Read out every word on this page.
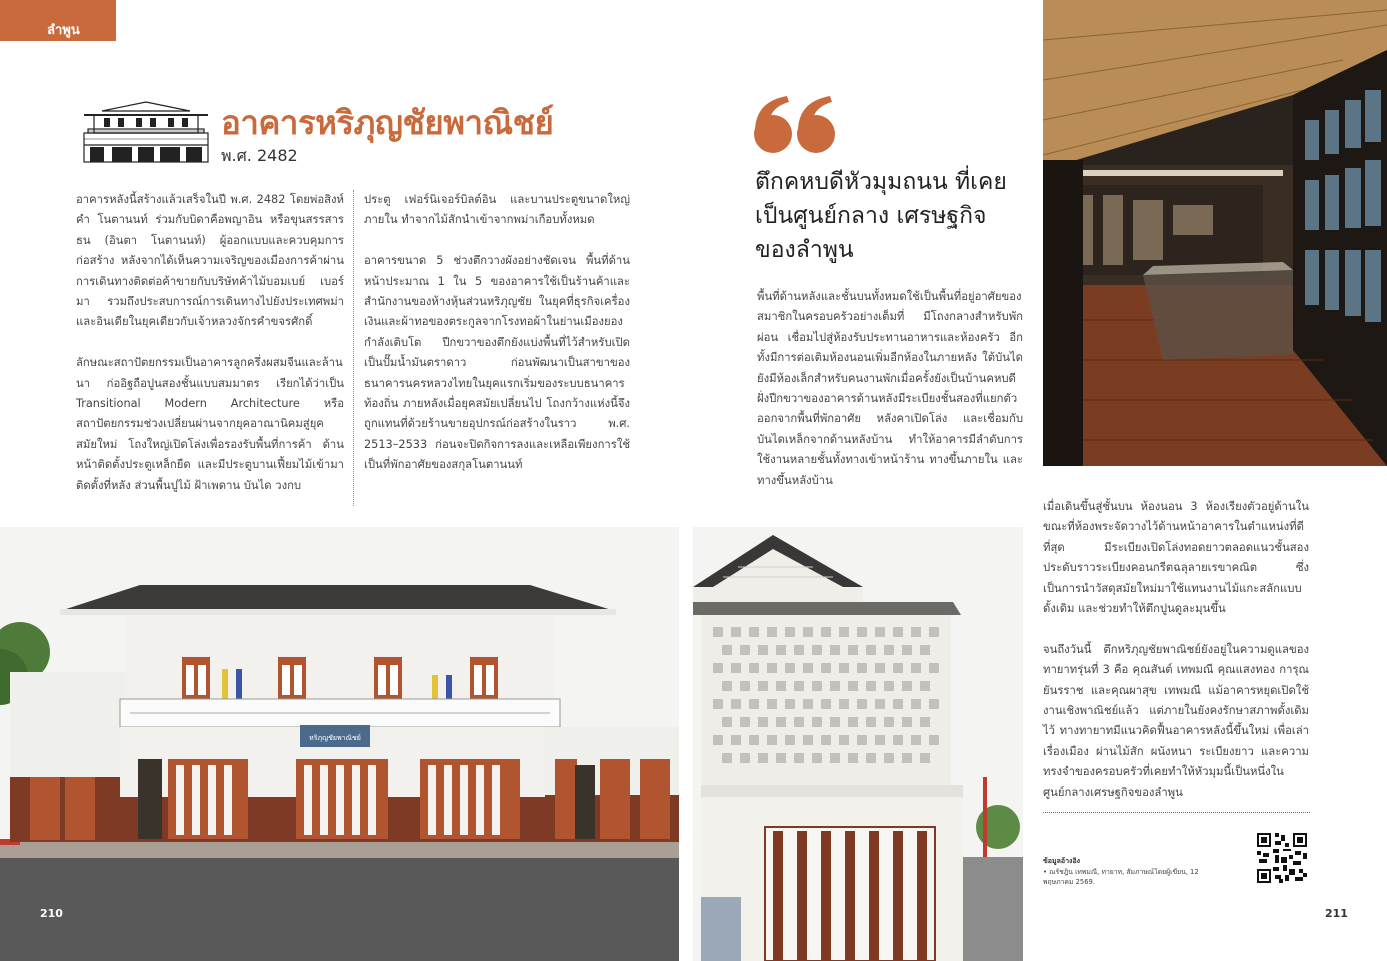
ลำพูน
อาคารหริภุญชัยพาณิชย์
พ.ศ. 2482

อาคารหลังนี้สร้างแล้วเสร็จในปี พ.ศ. 2482 โดยพ่อสิงห์คำ โนตานนท์ ร่วมกับบิดาคือพญาอิน หรือขุนสรรสารธน (อินตา โนตานนท์) ผู้ออกแบบและควบคุมการก่อสร้าง หลังจากได้เห็นความเจริญของเมืองการค้าผ่านการเดินทางติดต่อค้าขายกับบริษัทค้าไม้บอมเบย์ เบอร์มา รวมถึงประสบการณ์การเดินทางไปยังประเทศพม่าและอินเดียในยุคเดียวกับเจ้าหลวงจักรคำขจรศักดิ์

ลักษณะสถาปัตยกรรมเป็นอาคารลูกครึ่งผสมจีนและล้านนา ก่ออิฐถือปูนสองชั้นแบบสมมาตร เรียกได้ว่าเป็น Transitional Modern Architecture หรือสถาปัตยกรรมช่วงเปลี่ยนผ่านจากยุคอาณานิคมสู่ยุคสมัยใหม่ โถงใหญ่เปิดโล่งเพื่อรองรับพื้นที่การค้า ด้านหน้าติดตั้งประตูเหล็กยืด และมีประตูบานเฟี้ยมไม้เข้ามาติดตั้งที่หลัง ส่วนพื้นปูไม้ ฝ้าเพดาน บันได วงกบ

ประตู เฟอร์นิเจอร์บิลต์อิน และบานประตูขนาดใหญ่ภายใน ทำจากไม้สักนำเข้าจากพม่าเกือบทั้งหมด

อาคารขนาด 5 ช่วงตึกวางผังอย่างชัดเจน พื้นที่ด้านหน้าประมาณ 1 ใน 5 ของอาคารใช้เป็นร้านค้าและสำนักงานของห้างหุ้นส่วนหริภุญชัย ในยุคที่ธุรกิจเครื่องเงินและผ้าทอของตระกูลจากโรงทอผ้าในย่านเมืองยอง กำลังเติบโต ปีกขวาของตึกยังแบ่งพื้นที่ไว้สำหรับเปิดเป็นปั๊มน้ำมันตราดาว ก่อนพัฒนาเป็นสาขาของธนาคารนครหลวงไทยในยุคแรกเริ่มของระบบธนาคารท้องถิ่น ภายหลังเมื่อยุคสมัยเปลี่ยนไป โถงกว้างแห่งนี้จึงถูกแทนที่ด้วยร้านขายอุปกรณ์ก่อสร้างในราว พ.ศ. 2513–2533 ก่อนจะปิดกิจการลงและเหลือเพียงการใช้เป็นที่พักอาศัยของสกุลโนตานนท์

ตึกคหบดีหัวมุมถนน ที่เคยเป็นศูนย์กลาง เศรษฐกิจของลำพูน

พื้นที่ด้านหลังและชั้นบนทั้งหมดใช้เป็นพื้นที่อยู่อาศัยของสมาชิกในครอบครัวอย่างเต็มที่ มีโถงกลางสำหรับพักผ่อน เชื่อมไปสู่ห้องรับประทานอาหารและห้องครัว อีกทั้งมีการต่อเติมห้องนอนเพิ่มอีกห้องในภายหลัง ใต้บันไดยังมีห้องเล็กสำหรับคนงานพักเมื่อครั้งยังเป็นบ้านคหบดี ฝั่งปีกขวาของอาคารด้านหลังมีระเบียงชั้นสองที่แยกตัวออกจากพื้นที่พักอาศัย หลังคาเปิดโล่ง และเชื่อมกับบันไดเหล็กจากด้านหลังบ้าน ทำให้อาคารมีลำดับการใช้งานหลายชั้นทั้งทางเข้าหน้าร้าน ทางขึ้นภายใน และทางขึ้นหลังบ้าน

เมื่อเดินขึ้นสู่ชั้นบน ห้องนอน 3 ห้องเรียงตัวอยู่ด้านในขณะที่ห้องพระจัดวางไว้ด้านหน้าอาคารในตำแหน่งที่ดีที่สุด มีระเบียงเปิดโล่งทอดยาวตลอดแนวชั้นสอง ประดับราวระเบียงคอนกรีตฉลุลายเรขาคณิต ซึ่งเป็นการนำวัสดุสมัยใหม่มาใช้แทนงานไม้แกะสลักแบบดั้งเดิม และช่วยทำให้ตึกปูนดูละมุนขึ้น

จนถึงวันนี้ ตึกหริภุญชัยพาณิชย์ยังอยู่ในความดูแลของทายาทรุ่นที่ 3 คือ คุณสันต์ เทพมณี คุณแสงทอง การุณยันรราช และคุณผาสุข เทพมณี แม้อาคารหยุดเปิดใช้งานเชิงพาณิชย์แล้ว แต่ภายในยังคงรักษาสภาพดั้งเดิมไว้ ทางทายาทมีแนวคิดฟื้นอาคารหลังนี้ขึ้นใหม่ เพื่อเล่าเรื่องเมือง ผ่านไม้สัก ผนังหนา ระเบียงยาว และความทรงจำของครอบครัวที่เคยทำให้หัวมุมนี้เป็นหนึ่งในศูนย์กลางเศรษฐกิจของลำพูน

ข้อมูลอ้างอิง
• ณรัชฎิน เทพมณี, ทายาท, สัมภาษณ์โดยผู้เขียน, 12 พฤษภาคม 2569.
หริภุญชัยพาณิชย์
210	211
